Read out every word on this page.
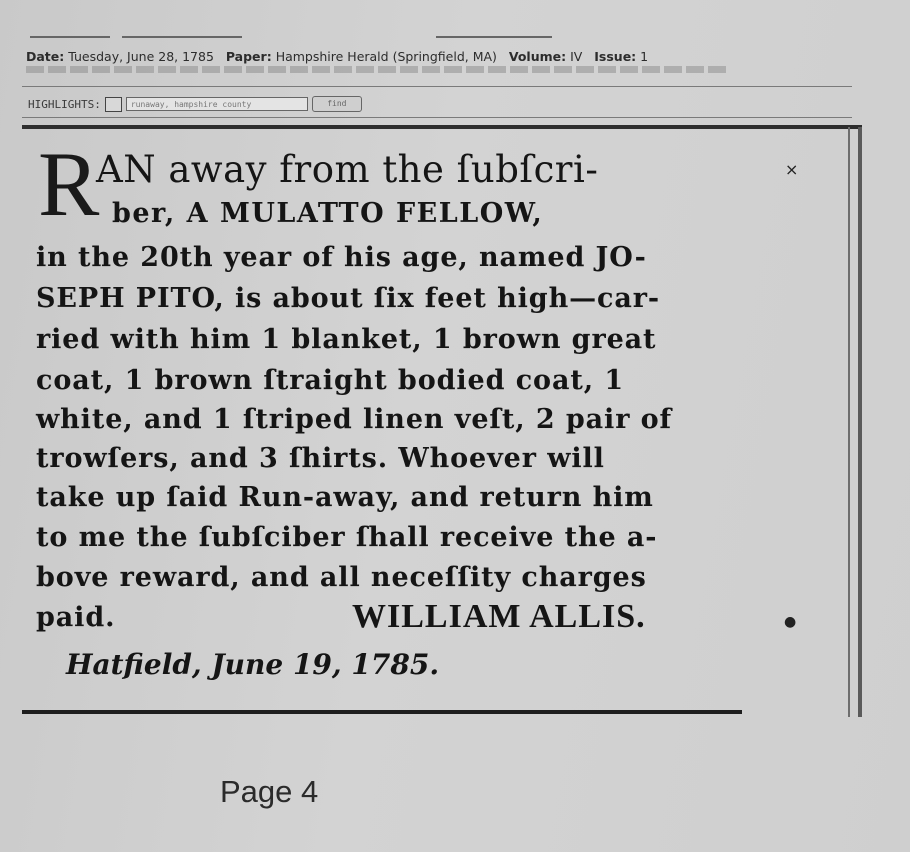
Date: Tuesday, June 28, 1785 Paper: Hampshire Herald (Springfield, MA) Volume: IV Issue: 1
HIGHLIGHTS:	runaway, hampshire county	find
R
AN away from the ſubſcri-
ber, A MULATTO FELLOW,
in the 20th year of his age, named JO-
SEPH PITO, is about ſix feet high—car-
ried with him 1 blanket, 1 brown great
coat, 1 brown ſtraight bodied coat, 1
white, and 1 ſtriped linen veſt, 2 pair of
trowſers, and 3 ſhirts. Whoever will
take up ſaid Run-away, and return him
to me the ſubſciber ſhall receive the a-
bove reward, and all neceſſity charges
paid.	WILLIAM ALLIS.
Hatfield, June 19, 1785.
×
●
Page 4
